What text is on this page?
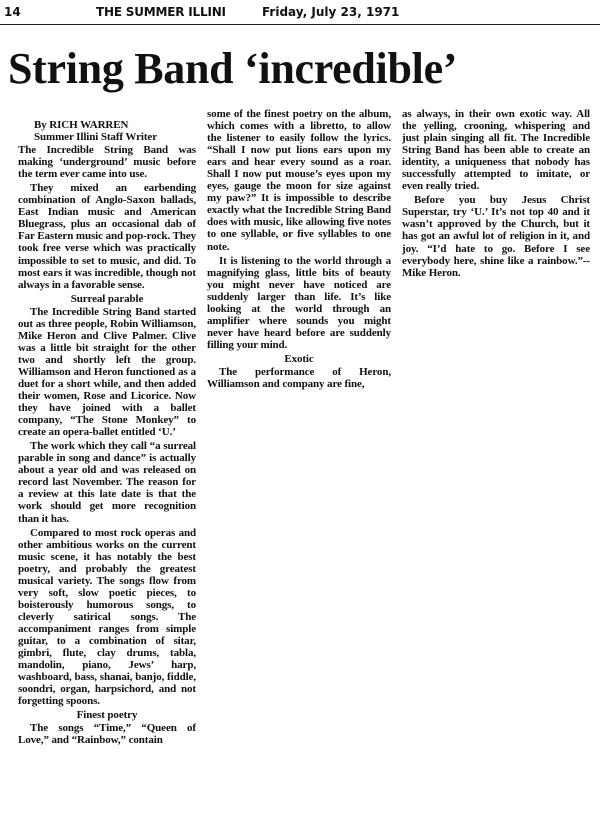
14	THE SUMMER ILLINI	Friday, July 23, 1971
String Band ‘incredible’
By RICH WARREN
Summer Illini Staff Writer

The Incredible String Band was making ‘underground’ music before the term ever came into use.

They mixed an earbending combination of Anglo-Saxon ballads, East Indian music and American Bluegrass, plus an occasional dab of Far Eastern music and pop-rock. They took free verse which was practically impossible to set to music, and did. To most ears it was incredible, though not always in a favorable sense.

Surreal parable

The Incredible String Band started out as three people, Robin Williamson, Mike Heron and Clive Palmer. Clive was a little bit straight for the other two and shortly left the group. Williamson and Heron functioned as a duet for a short while, and then added their women, Rose and Licorice. Now they have joined with a ballet company, “The Stone Monkey” to create an opera-ballet entitled ‘U.’

The work which they call “a surreal parable in song and dance” is actually about a year old and was released on record last November. The reason for a review at this late date is that the work should get more recognition than it has.

Compared to most rock operas and other ambitious works on the current music scene, it has notably the best poetry, and probably the greatest musical variety. The songs flow from very soft, slow poetic pieces, to boisterously humorous songs, to cleverly satirical songs. The accompaniment ranges from simple guitar, to a combination of sitar, gimbri, flute, clay drums, tabla, mandolin, piano, Jews’ harp, washboard, bass, shanai, banjo, fiddle, soondri, organ, harpsichord, and not forgetting spoons.

Finest poetry

The songs “Time,” “Queen of Love,” and “Rainbow,” contain

some of the finest poetry on the album, which comes with a libretto, to allow the listener to easily follow the lyrics. “Shall I now put lions ears upon my ears and hear every sound as a roar. Shall I now put mouse’s eyes upon my eyes, gauge the moon for size against my paw?” It is impossible to describe exactly what the Incredible String Band does with music, like allowing five notes to one syllable, or five syllables to one note.

It is listening to the world through a magnifying glass, little bits of beauty you might never have noticed are suddenly larger than life. It’s like looking at the world through an amplifier where sounds you might never have heard before are suddenly filling your mind.

Exotic

The performance of Heron, Williamson and company are fine,

as always, in their own exotic way. All the yelling, crooning, whispering and just plain singing all fit. The Incredible String Band has been able to create an identity, a uniqueness that nobody has successfully attempted to imitate, or even really tried.

Before you buy Jesus Christ Superstar, try ‘U.’ It’s not top 40 and it wasn’t approved by the Church, but it has got an awful lot of religion in it, and joy. “I’d hate to go. Before I see everybody here, shine like a rainbow.”--Mike Heron.
